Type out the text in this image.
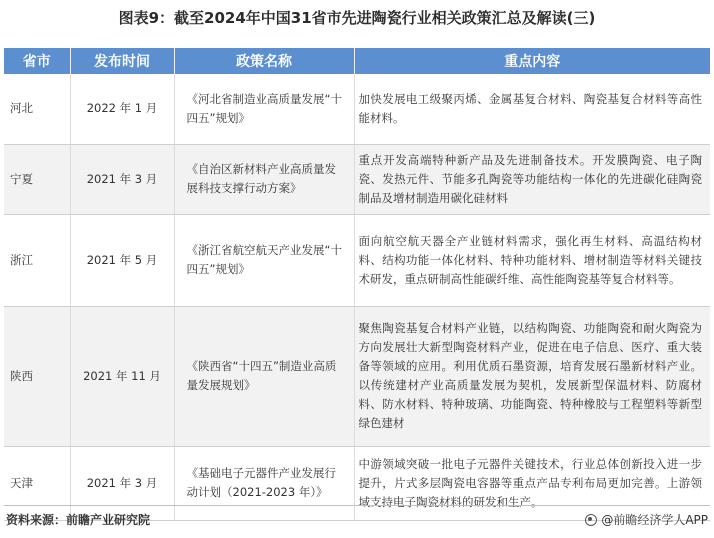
图表9：截至2024年中国31省市先进陶瓷行业相关政策汇总及解读(三)
省市	发布时间	政策名称	重点内容
河北	2022 年 1 月	《河北省制造业高质量发展“十四五”规划》	加快发展电工级聚丙烯、金属基复合材料、陶瓷基复合材料等高性能材料。
宁夏	2021 年 3 月	《自治区新材料产业高质量发展科技支撑行动方案》	重点开发高端特种新产品及先进制备技术。开发膜陶瓷、电子陶瓷、发热元件、节能多孔陶瓷等功能结构一体化的先进碳化硅陶瓷制品及增材制造用碳化硅材料
浙江	2021 年 5 月	《浙江省航空航天产业发展“十四五”规划》	面向航空航天器全产业链材料需求，强化再生材料、高温结构材料、结构功能一体化材料、特种功能材料、增材制造等材料关键技术研发，重点研制高性能碳纤维、高性能陶瓷基等复合材料等。
陕西	2021 年 11 月	《陕西省“十四五”制造业高质量发展规划》	聚焦陶瓷基复合材料产业链，以结构陶瓷、功能陶瓷和耐火陶瓷为方向发展壮大新型陶瓷材料产业，促进在电子信息、医疗、重大装备等领域的应用。利用优质石墨资源，培育发展石墨新材料产业。以传统建材产业高质量发展为契机，发展新型保温材料、防腐材料、防水材料、特种玻璃、功能陶瓷、特种橡胶与工程塑料等新型绿色建材
天津	2021 年 3 月	《基础电子元器件产业发展行动计划（2021-2023 年）》	中游领域突破一批电子元器件关键技术，行业总体创新投入进一步提升，片式多层陶瓷电容器等重点产品专利布局更加完善。上游领域支持电子陶瓷材料的研发和生产。
资料来源：前瞻产业研究院	@前瞻经济学人APP
